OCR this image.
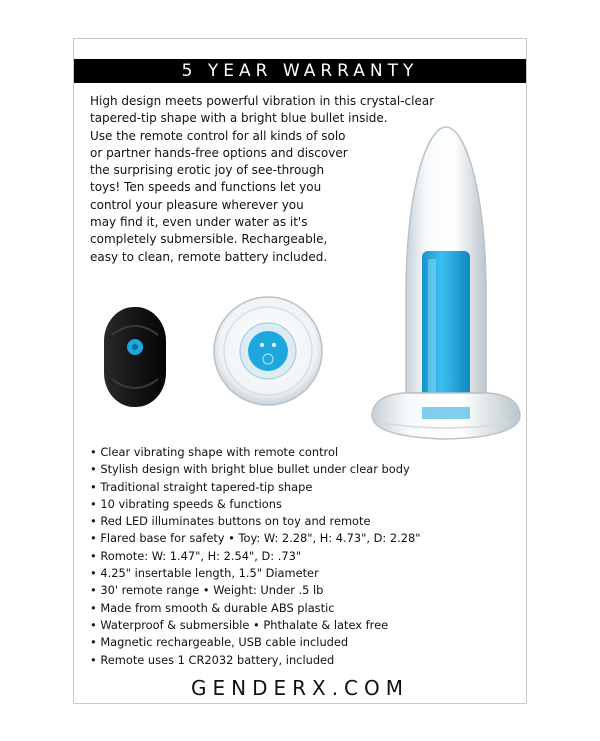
5 YEAR WARRANTY
High design meets powerful vibration in this crystal-clear
tapered-tip shape with a bright blue bullet inside.
Use the remote control for all kinds of solo
or partner hands-free options and discover
the surprising erotic joy of see-through
toys! Ten speeds and functions let you
control your pleasure wherever you
may find it, even under water as it's
completely submersible. Rechargeable,
easy to clean, remote battery included.
• Clear vibrating shape with remote control
• Stylish design with bright blue bullet under clear body
• Traditional straight tapered-tip shape
• 10 vibrating speeds & functions
• Red LED illuminates buttons on toy and remote
• Flared base for safety • Toy: W: 2.28", H: 4.73", D: 2.28"
• Romote: W: 1.47", H: 2.54", D: .73"
• 4.25" insertable length, 1.5" Diameter
• 30' remote range • Weight: Under .5 lb
• Made from smooth & durable ABS plastic
• Waterproof & submersible • Phthalate & latex free
• Magnetic rechargeable, USB cable included
• Remote uses 1 CR2032 battery, included
GENDERX.COM
